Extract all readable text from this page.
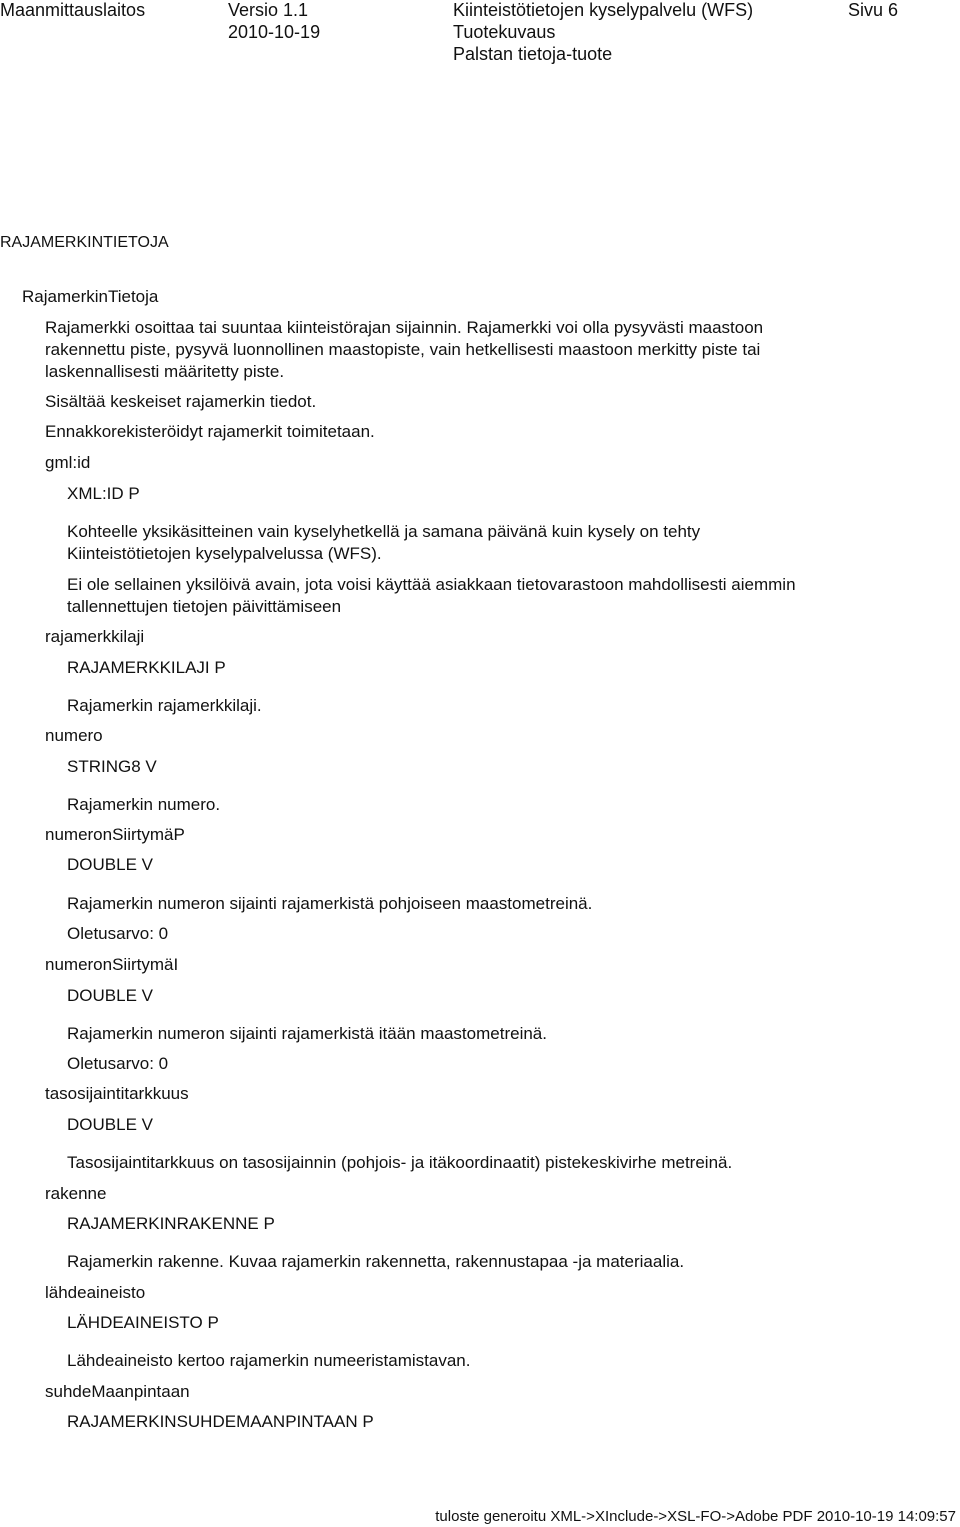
Maanmittauslaitos	Versio 1.1
2010-10-19
Kiinteistötietojen kyselypalvelu (WFS)
Tuotekuvaus
Palstan tietoja-tuote
Sivu 6
RAJAMERKINTIETOJA
RajamerkinTietoja
Rajamerkki osoittaa tai suuntaa kiinteistörajan sijainnin. Rajamerkki voi olla pysyvästi maastoon
rakennettu piste, pysyvä luonnollinen maastopiste, vain hetkellisesti maastoon merkitty piste tai
laskennallisesti määritetty piste.
Sisältää keskeiset rajamerkin tiedot.
Ennakkorekisteröidyt rajamerkit toimitetaan.
gml:id
XML:ID P
Kohteelle yksikäsitteinen vain kyselyhetkellä ja samana päivänä kuin kysely on tehty
Kiinteistötietojen kyselypalvelussa (WFS).
Ei ole sellainen yksilöivä avain, jota voisi käyttää asiakkaan tietovarastoon mahdollisesti aiemmin
tallennettujen tietojen päivittämiseen
rajamerkkilaji
RAJAMERKKILAJI P
Rajamerkin rajamerkkilaji.
numero
STRING8 V
Rajamerkin numero.
numeronSiirtymäP
DOUBLE V
Rajamerkin numeron sijainti rajamerkistä pohjoiseen maastometreinä.
Oletusarvo: 0
numeronSiirtymäI
DOUBLE V
Rajamerkin numeron sijainti rajamerkistä itään maastometreinä.
Oletusarvo: 0
tasosijaintitarkkuus
DOUBLE V
Tasosijaintitarkkuus on tasosijainnin (pohjois- ja itäkoordinaatit) pistekeskivirhe metreinä.
rakenne
RAJAMERKINRAKENNE P
Rajamerkin rakenne. Kuvaa rajamerkin rakennetta, rakennustapaa -ja materiaalia.
lähdeaineisto
LÄHDEAINEISTO P
Lähdeaineisto kertoo rajamerkin numeeristamistavan.
suhdeMaanpintaan
RAJAMERKINSUHDEMAANPINTAAN P
tuloste generoitu XML->XInclude->XSL-FO->Adobe PDF 2010-10-19 14:09:57
